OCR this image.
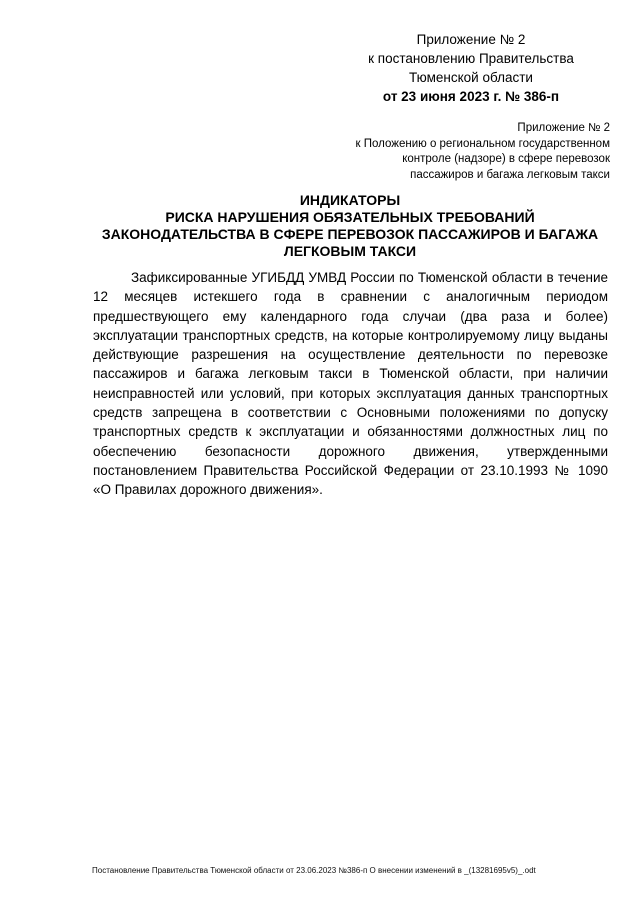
Приложение № 2
к постановлению Правительства
Тюменской области
от 23 июня 2023 г. № 386-п
Приложение № 2
к Положению о региональном государственном
контроле (надзоре) в сфере перевозок
пассажиров и багажа легковым такси
ИНДИКАТОРЫ
РИСКА НАРУШЕНИЯ ОБЯЗАТЕЛЬНЫХ ТРЕБОВАНИЙ
ЗАКОНОДАТЕЛЬСТВА В СФЕРЕ ПЕРЕВОЗОК ПАССАЖИРОВ И БАГАЖА
ЛЕГКОВЫМ ТАКСИ
Зафиксированные УГИБДД УМВД России по Тюменской области в течение 12 месяцев истекшего года в сравнении с аналогичным периодом предшествующего ему календарного года случаи (два раза и более) эксплуатации транспортных средств, на которые контролируемому лицу выданы действующие разрешения на осуществление деятельности по перевозке пассажиров и багажа легковым такси в Тюменской области, при наличии неисправностей или условий, при которых эксплуатация данных транспортных средств запрещена в соответствии с Основными положениями по допуску транспортных средств к эксплуатации и обязанностями должностных лиц по обеспечению безопасности дорожного движения, утвержденными постановлением Правительства Российской Федерации от 23.10.1993 № 1090 «О Правилах дорожного движения».
Постановление Правительства Тюменской области от 23.06.2023 №386-п О внесении изменений в _(13281695v5)_.odt
